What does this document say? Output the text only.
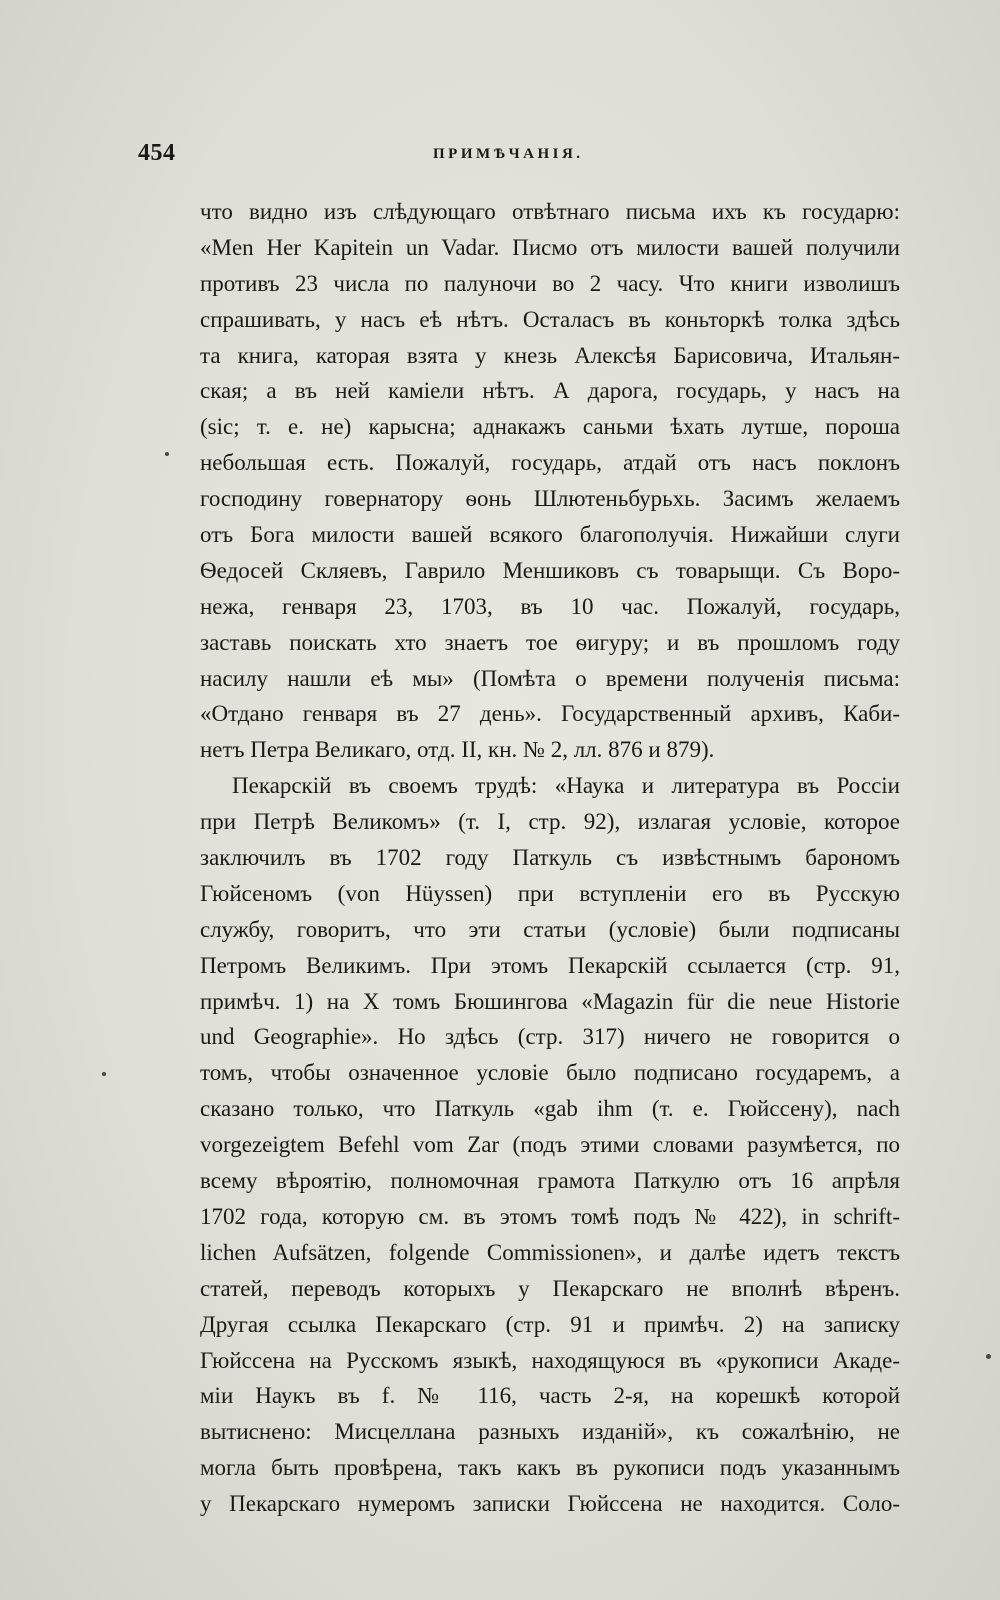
454	ПРИМѢЧАНІЯ.
что видно изъ слѣдующаго отвѣтнаго письма ихъ къ государю:
«Men Her Kapitein un Vadar. Писмо отъ милости вашей получили
противъ 23 числа по палуночи во 2 часу. Что книги изволишъ
спрашивать, у насъ еѣ нѣтъ. Осталасъ въ коньторкѣ толка здѣсь
та книга, каторая взята у кнезь Алексѣя Барисовича, Итальян-
ская; а въ ней каміели нѣтъ. А дарога, государь, у насъ на
(sic; т. е. не) карысна; аднакажъ саньми ѣхать лутше, пороша
небольшая есть. Пожалуй, государь, атдай отъ насъ поклонъ
господину говернатору ѳонь Шлютеньбурьхь. Засимъ желаемъ
отъ Бога милости вашей всякого благополучія. Нижайши слуги
Ѳедосей Скляевъ, Гаврило Меншиковъ съ товарыщи. Съ Воро-
нежа, генваря 23, 1703, въ 10 час. Пожалуй, государь,
заставь поискать хто знаетъ тое ѳигуру; и въ прошломъ году
насилу нашли еѣ мы» (Помѣта о времени полученія письма:
«Отдано генваря въ 27 день». Государственный архивъ, Каби-
нетъ Петра Великаго, отд. II, кн. № 2, лл. 876 и 879).
Пекарскій въ своемъ трудѣ: «Наука и литература въ Россіи
при Петрѣ Великомъ» (т. I, стр. 92), излагая условіе, которое
заключилъ въ 1702 году Паткуль съ извѣстнымъ барономъ
Гюйсеномъ (von Hüyssen) при вступленіи его въ Русскую
службу, говоритъ, что эти статьи (условіе) были подписаны
Петромъ Великимъ. При этомъ Пекарскій ссылается (стр. 91,
примѣч. 1) на X томъ Бюшингова «Magazin für die neue Historie
und Geographie». Но здѣсь (стр. 317) ничего не говорится о
томъ, чтобы означенное условіе было подписано государемъ, а
сказано только, что Паткуль «gab ihm (т. е. Гюйссену), nach
vorgezeigtem Befehl vom Zar (подъ этими словами разумѣется, по
всему вѣроятію, полномочная грамота Паткулю отъ 16 апрѣля
1702 года, которую см. въ этомъ томѣ подъ № 422), in schrift-
lichen Aufsätzen, folgende Commissionen», и далѣе идетъ текстъ
статей, переводъ которыхъ у Пекарскаго не вполнѣ вѣренъ.
Другая ссылка Пекарскаго (стр. 91 и примѣч. 2) на записку
Гюйссена на Русскомъ языкѣ, находящуюся въ «рукописи Акаде-
міи Наукъ въ f. № 116, часть 2-я, на корешкѣ которой
вытиснено: Мисцеллана разныхъ изданій», къ сожалѣнію, не
могла быть провѣрена, такъ какъ въ рукописи подъ указаннымъ
у Пекарскаго нумеромъ записки Гюйссена не находится. Соло-
